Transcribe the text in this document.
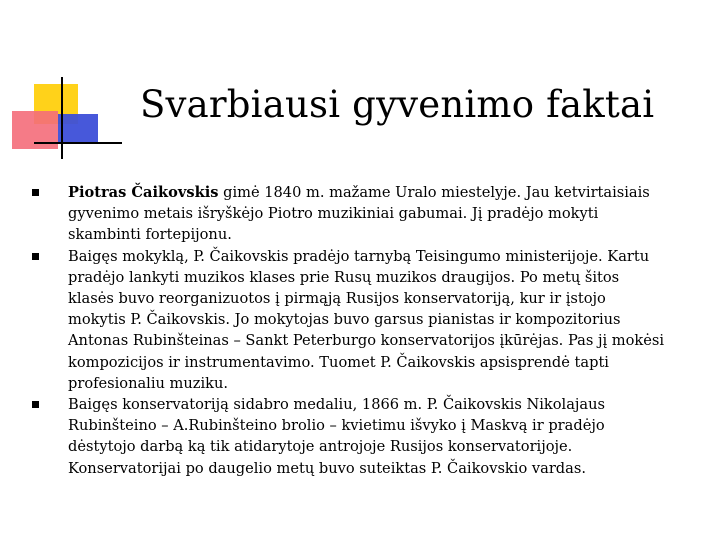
Svarbiausi gyvenimo faktai
Piotras Čaikovskis gimė 1840 m. mažame Uralo miestelyje. Jau ketvirtaisiais gyvenimo metais išryškėjo Piotro muzikiniai gabumai. Jį pradėjo mokyti skambinti fortepijonu.
Baigęs mokyklą, P. Čaikovskis pradėjo tarnybą Teisingumo ministerijoje. Kartu pradėjo lankyti muzikos klases prie Rusų muzikos draugijos. Po metų šitos klasės buvo reorganizuotos į pirmąją Rusijos konservatoriją, kur ir įstojo mokytis P. Čaikovskis. Jo mokytojas buvo garsus pianistas ir kompozitorius Antonas Rubinšteinas – Sankt Peterburgo konservatorijos įkūrėjas. Pas jį mokėsi kompozicijos ir instrumentavimo. Tuomet P. Čaikovskis apsisprendė tapti profesionaliu muziku.
Baigęs konservatoriją sidabro medaliu, 1866 m. P. Čaikovskis Nikolajaus Rubinšteino – A.Rubinšteino brolio – kvietimu išvyko į Maskvą ir pradėjo dėstytojo darbą ką tik atidarytoje antrojoje Rusijos konservatorijoje. Konservatorijai po daugelio metų buvo suteiktas P. Čaikovskio vardas.
